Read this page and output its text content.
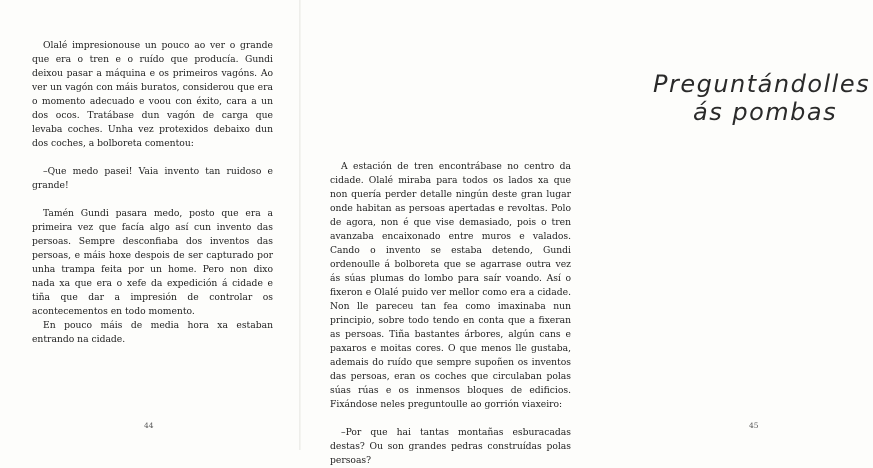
Olalé impresionouse un pouco ao ver o grande que era o tren e o ruído que producía. Gundi deixou pasar a máquina e os primeiros vagóns. Ao ver un vagón con máis buratos, considerou que era o momento adecuado e voou con éxito, cara a un dos ocos. Tratábase dun vagón de carga que levaba coches. Unha vez protexidos debaixo dun dos coches, a bolboreta comentou:

–Que medo pasei! Vaia invento tan ruidoso e grande!

Tamén Gundi pasara medo, posto que era a primeira vez que facía algo así cun invento das persoas. Sempre desconfiaba dos inventos das persoas, e máis hoxe despois de ser capturado por unha trampa feita por un home. Pero non dixo nada xa que era o xefe da expedición á cidade e tiña que dar a impresión de controlar os acontecementos en todo momento.

En pouco máis de media hora xa estaban entrando na cidade.

44
Preguntándolles
ás pombas
45

A estación de tren encontrábase no centro da cidade. Olalé miraba para todos os lados xa que non quería perder detalle ningún deste gran lugar onde habitan as persoas apertadas e revoltas. Polo de agora, non é que vise demasiado, pois o tren avanzaba encaixonado entre muros e valados. Cando o invento se estaba detendo, Gundi ordenoulle á bolboreta que se agarrase outra vez ás súas plumas do lombo para saír voando. Así o fixeron e Olalé puido ver mellor como era a cidade. Non lle pareceu tan fea como imaxinaba nun principio, sobre todo tendo en conta que a fixeran as persoas. Tiña bastantes árbores, algún cans e paxaros e moitas cores. O que menos lle gustaba, ademais do ruído que sempre supoñen os inventos das persoas, eran os coches que circulaban polas súas rúas e os inmensos bloques de edificios. Fixándose neles preguntoulle ao gorrión viaxeiro:

–Por que hai tantas montañas esburacadas destas? Ou son grandes pedras construídas polas persoas?
